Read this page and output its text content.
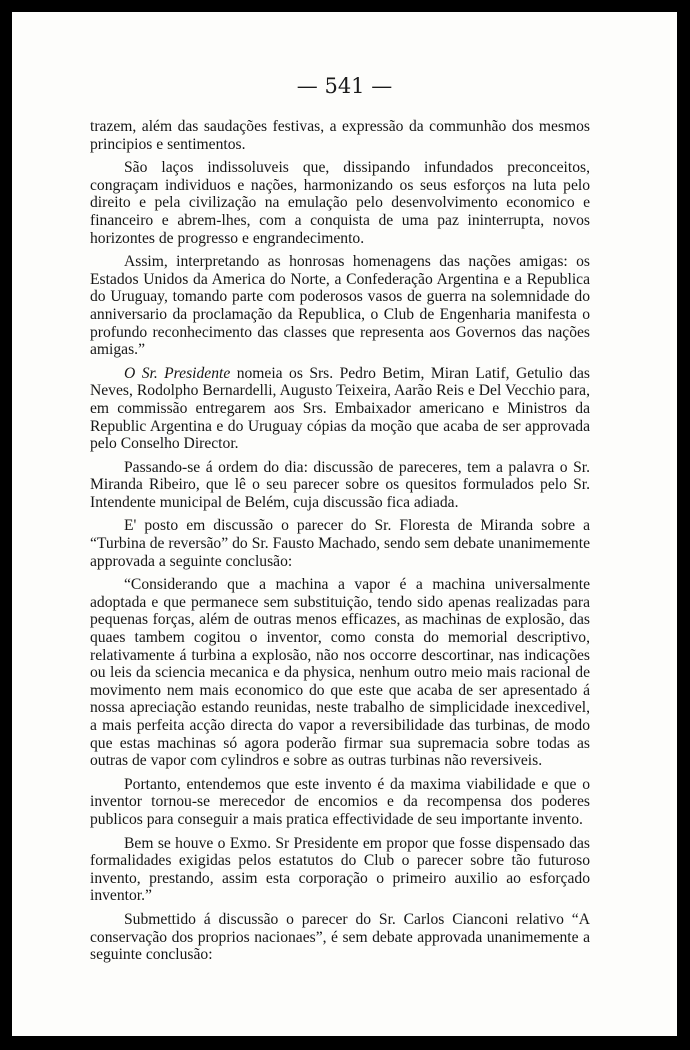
— 541 —

trazem, além das saudações festivas, a expressão da communhão dos mesmos principios e sentimentos.

São laços indissoluveis que, dissipando infundados preconceitos, congraçam individuos e nações, harmonizando os seus esforços na luta pelo direito e pela civilização na emulação pelo desenvolvimento economico e financeiro e abrem-lhes, com a conquista de uma paz ininterrupta, novos horizontes de progresso e engrandecimento.

Assim, interpretando as honrosas homenagens das nações amigas: os Estados Unidos da America do Norte, a Confederação Argentina e a Republica do Uruguay, tomando parte com poderosos vasos de guerra na solemnidade do anniversario da proclamação da Republica, o Club de Engenharia manifesta o profundo reconhecimento das classes que representa aos Governos das nações amigas.”

O Sr. Presidente nomeia os Srs. Pedro Betim, Miran Latif, Getulio das Neves, Rodolpho Bernardelli, Augusto Teixeira, Aarão Reis e Del Vecchio para, em commissão entregarem aos Srs. Embaixador americano e Ministros da Republic Argentina e do Uruguay cópias da moção que acaba de ser approvada pelo Conselho Director.

Passando-se á ordem do dia: discussão de pareceres, tem a palavra o Sr. Miranda Ribeiro, que lê o seu parecer sobre os quesitos formulados pelo Sr. Intendente municipal de Belém, cuja discussão fica adiada.

E' posto em discussão o parecer do Sr. Floresta de Miranda sobre a “Turbina de reversão” do Sr. Fausto Machado, sendo sem debate unanimemente approvada a seguinte conclusão:

“Considerando que a machina a vapor é a machina universalmente adoptada e que permanece sem substituição, tendo sido apenas realizadas para pequenas forças, além de outras menos efficazes, as machinas de explosão, das quaes tambem cogitou o inventor, como consta do memorial descriptivo, relativamente á turbina a explosão, não nos occorre descortinar, nas indicações ou leis da sciencia mecanica e da physica, nenhum outro meio mais racional de movimento nem mais economico do que este que acaba de ser apresentado á nossa apreciação estando reunidas, neste trabalho de simplicidade inexcedivel, a mais perfeita acção directa do vapor a reversibilidade das turbinas, de modo que estas machinas só agora poderão firmar sua supremacia sobre todas as outras de vapor com cylindros e sobre as outras turbinas não reversiveis.

Portanto, entendemos que este invento é da maxima viabilidade e que o inventor tornou-se merecedor de encomios e da recompensa dos poderes publicos para conseguir a mais pratica effectividade de seu importante invento.

Bem se houve o Exmo. Sr Presidente em propor que fosse dispensado das formalidades exigidas pelos estatutos do Club o parecer sobre tão futuroso invento, prestando, assim esta corporação o primeiro auxilio ao esforçado inventor.”

Submettido á discussão o parecer do Sr. Carlos Cianconi relativo “A conservação dos proprios nacionaes”, é sem debate approvada unanimemente a seguinte conclusão:
